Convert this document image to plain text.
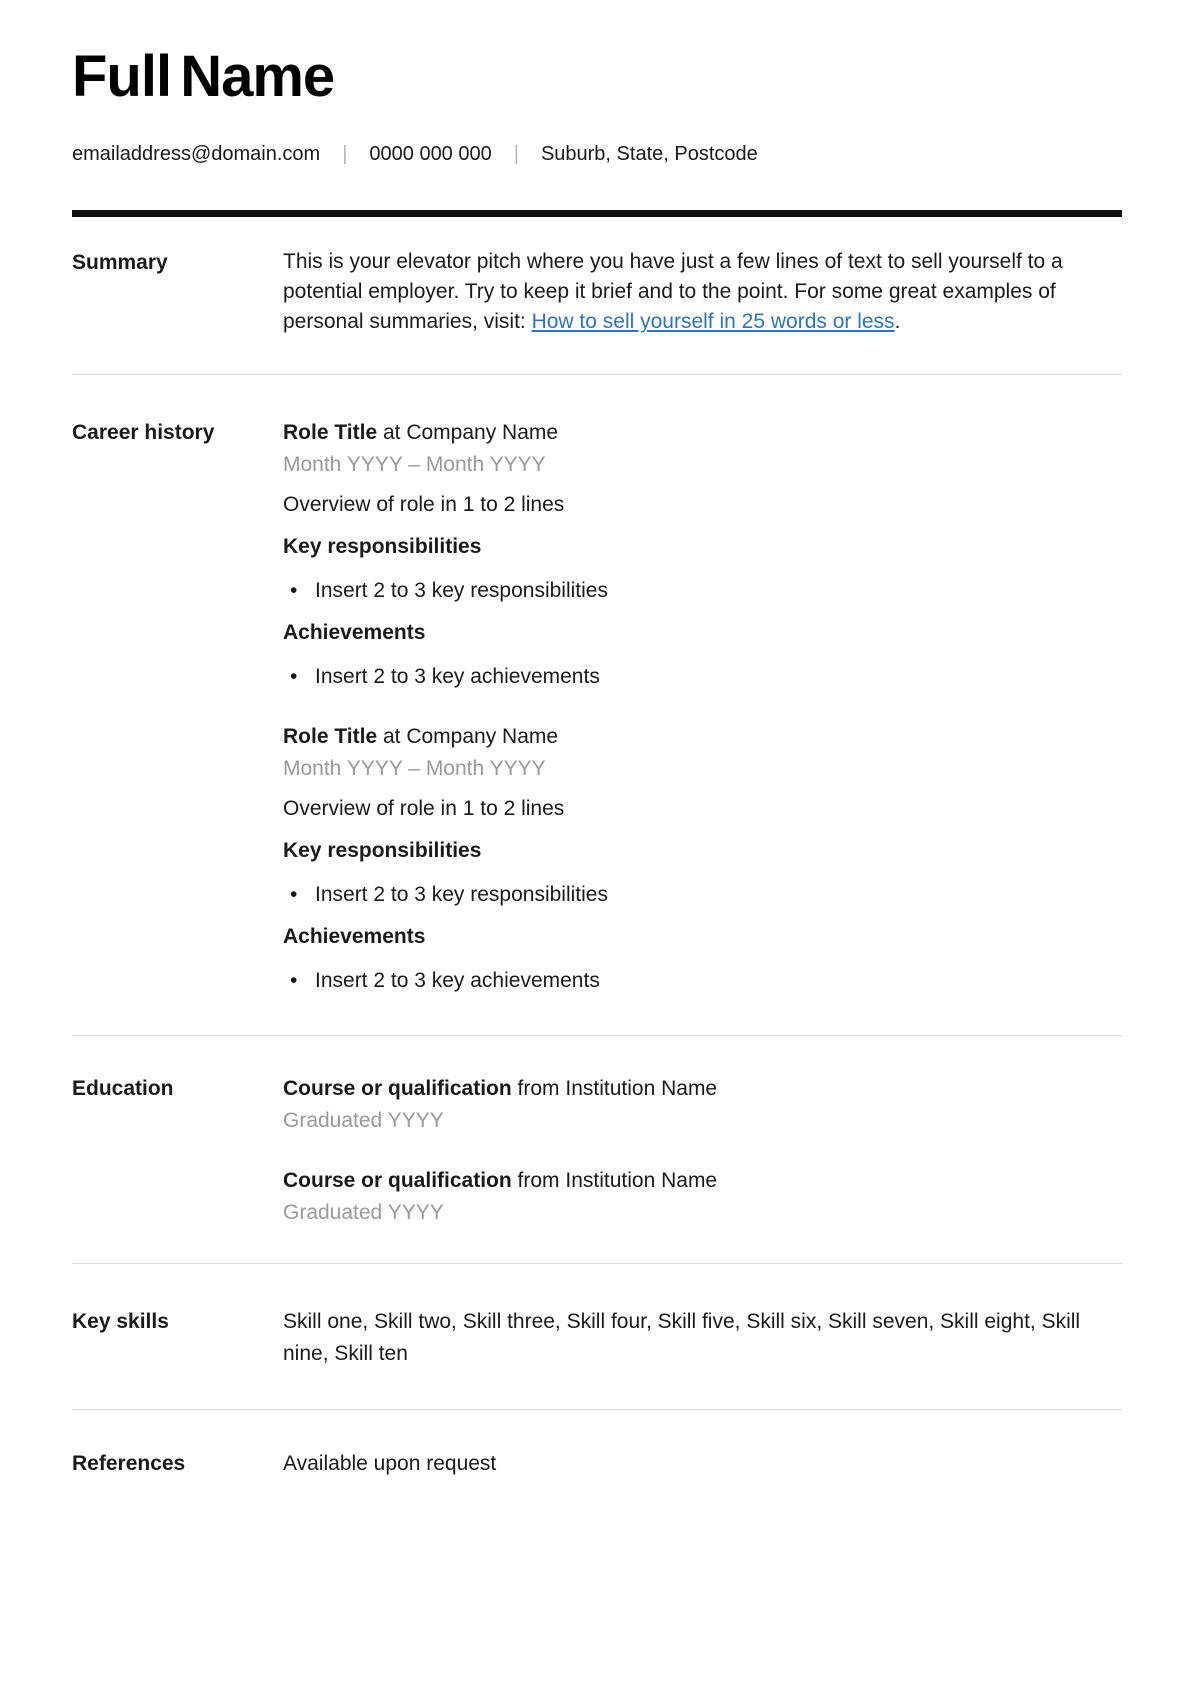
Full Name
emailaddress@domain.com | 0000 000 000 | Suburb, State, Postcode
Summary	This is your elevator pitch where you have just a few lines of text to sell yourself to a potential employer. Try to keep it brief and to the point. For some great examples of personal summaries, visit: How to sell yourself in 25 words or less.

Career history	Role Title at Company Name

Month YYYY – Month YYYY

Overview of role in 1 to 2 lines

Key responsibilities

• Insert 2 to 3 key responsibilities

Achievements

• Insert 2 to 3 key achievements

Role Title at Company Name

Month YYYY – Month YYYY

Overview of role in 1 to 2 lines

Key responsibilities

• Insert 2 to 3 key responsibilities

Achievements

• Insert 2 to 3 key achievements
Education	Course or qualification from Institution Name

Graduated YYYY

Course or qualification from Institution Name

Graduated YYYY

Key skills	Skill one, Skill two, Skill three, Skill four, Skill five, Skill six, Skill seven, Skill eight, Skill nine, Skill ten

References	Available upon request
